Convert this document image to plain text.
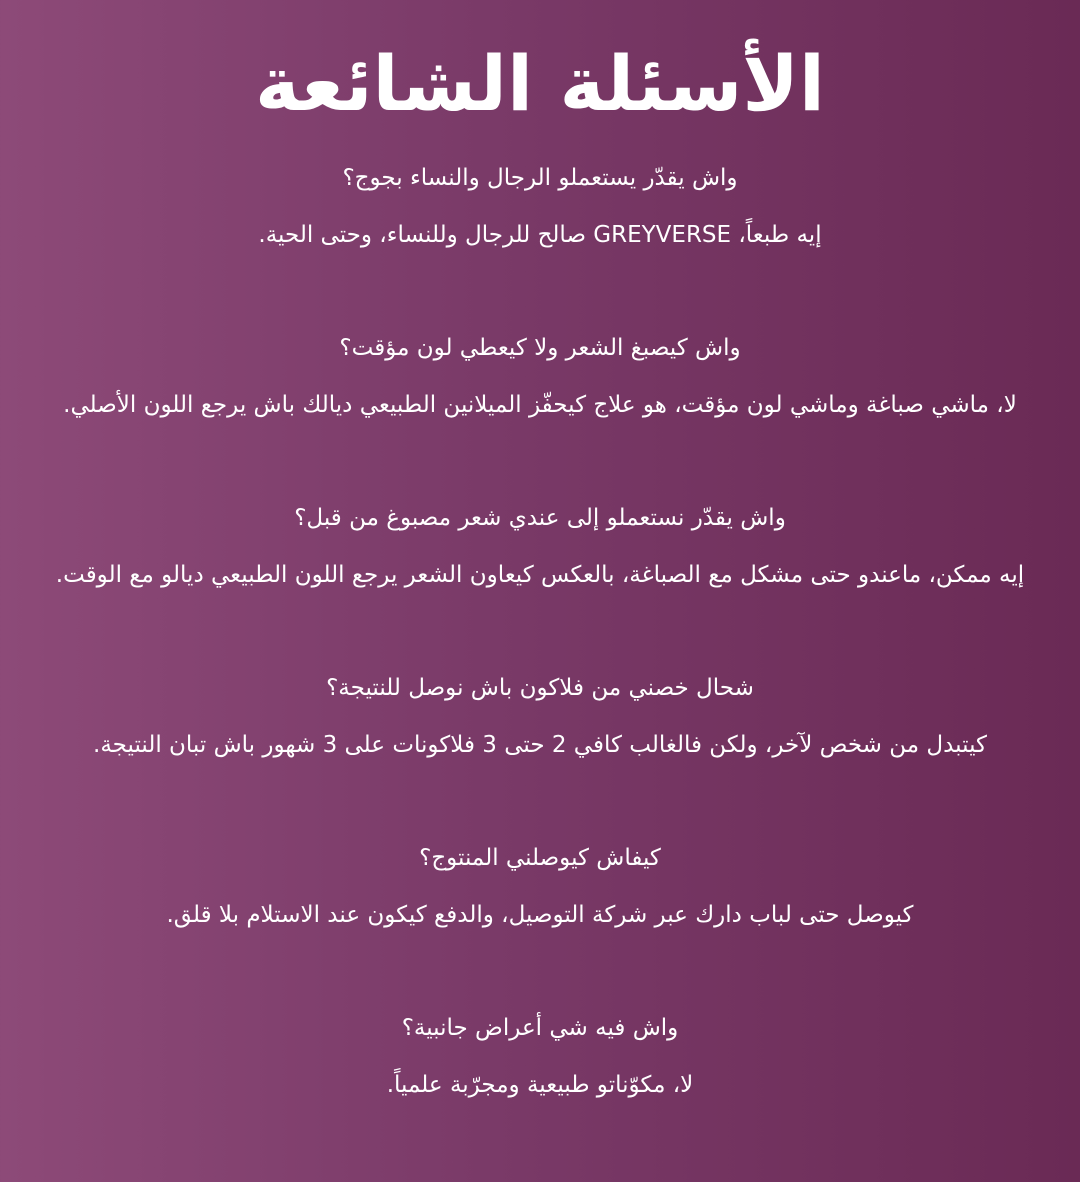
الأسئلة الشائعة

واش يقدّر يستعملو الرجال والنساء بجوج؟

إيه طبعاً، GREYVERSE صالح للرجال وللنساء، وحتى الحية.

واش كيصبغ الشعر ولا كيعطي لون مؤقت؟

لا، ماشي صباغة وماشي لون مؤقت، هو علاج كيحفّز الميلانين الطبيعي ديالك باش يرجع اللون الأصلي.

واش يقدّر نستعملو إلى عندي شعر مصبوغ من قبل؟

إيه ممكن، ماعندو حتى مشكل مع الصباغة، بالعكس كيعاون الشعر يرجع اللون الطبيعي ديالو مع الوقت.

شحال خصني من فلاكون باش نوصل للنتيجة؟

كيتبدل من شخص لآخر، ولكن فالغالب كافي 2 حتى 3 فلاكونات على 3 شهور باش تبان النتيجة.

كيفاش كيوصلني المنتوج؟

كيوصل حتى لباب دارك عبر شركة التوصيل، والدفع كيكون عند الاستلام بلا قلق.

واش فيه شي أعراض جانبية؟

لا، مكوّناتو طبيعية ومجرّبة علمياً.
